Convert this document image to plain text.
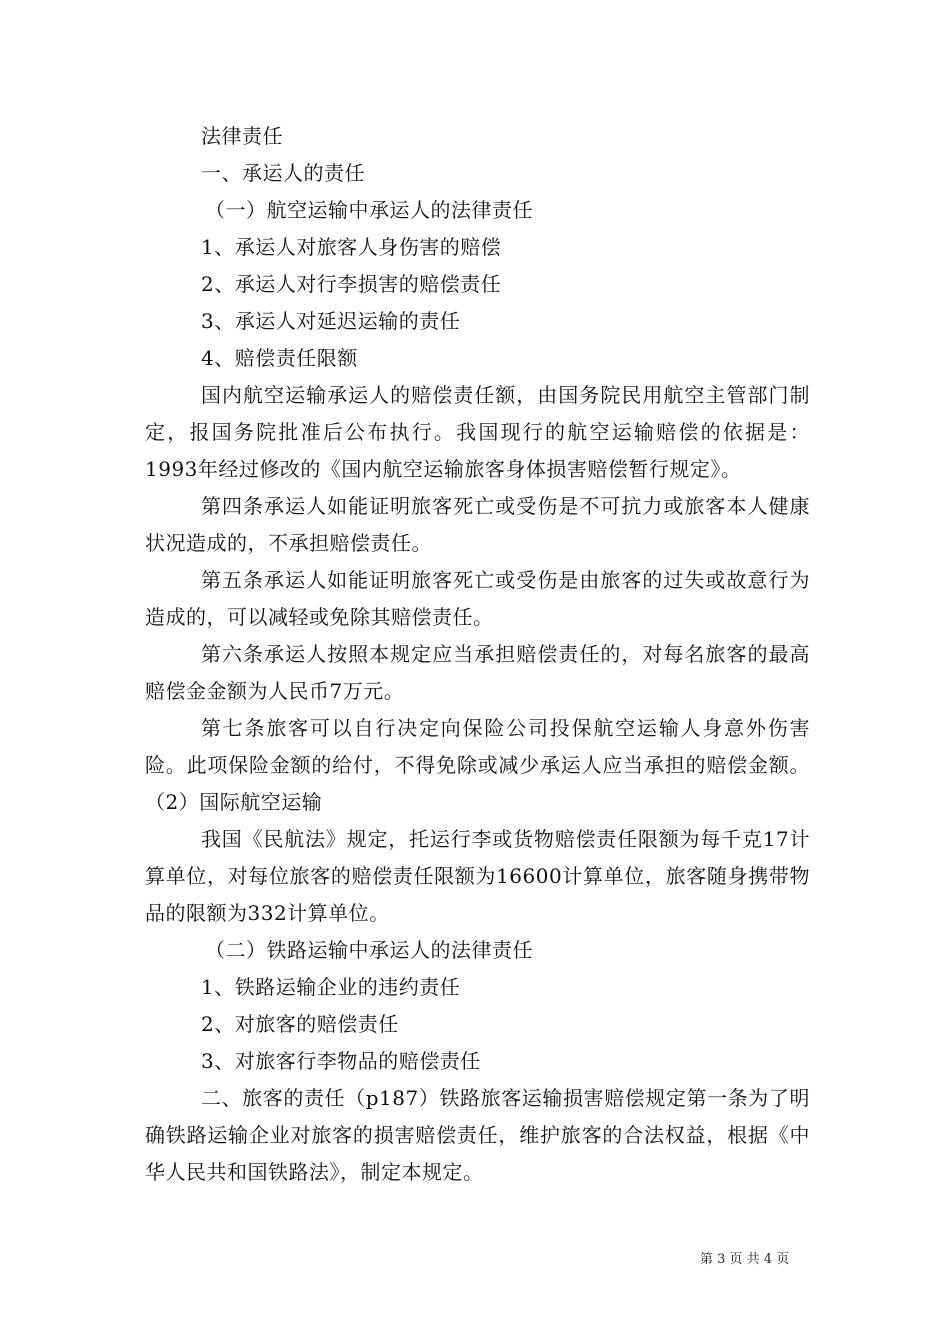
法律责任
一、承运人的责任
（一）航空运输中承运人的法律责任
1、承运人对旅客人身伤害的赔偿
2、承运人对行李损害的赔偿责任
3、承运人对延迟运输的责任
4、赔偿责任限额
国内航空运输承运人的赔偿责任额，由国务院民用航空主管部门制定，报国务院批准后公布执行。我国现行的航空运输赔偿的依据是：1993年经过修改的《国内航空运输旅客身体损害赔偿暂行规定》。
第四条承运人如能证明旅客死亡或受伤是不可抗力或旅客本人健康状况造成的，不承担赔偿责任。
第五条承运人如能证明旅客死亡或受伤是由旅客的过失或故意行为造成的，可以减轻或免除其赔偿责任。
第六条承运人按照本规定应当承担赔偿责任的，对每名旅客的最高赔偿金金额为人民币7万元。
第七条旅客可以自行决定向保险公司投保航空运输人身意外伤害险。此项保险金额的给付，不得免除或减少承运人应当承担的赔偿金额。（2）国际航空运输
我国《民航法》规定，托运行李或货物赔偿责任限额为每千克17计算单位，对每位旅客的赔偿责任限额为16600计算单位，旅客随身携带物品的限额为332计算单位。
（二）铁路运输中承运人的法律责任
1、铁路运输企业的违约责任
2、对旅客的赔偿责任
3、对旅客行李物品的赔偿责任
二、旅客的责任（p187）铁路旅客运输损害赔偿规定第一条为了明确铁路运输企业对旅客的损害赔偿责任，维护旅客的合法权益，根据《中华人民共和国铁路法》，制定本规定。
第 3 页 共 4 页
